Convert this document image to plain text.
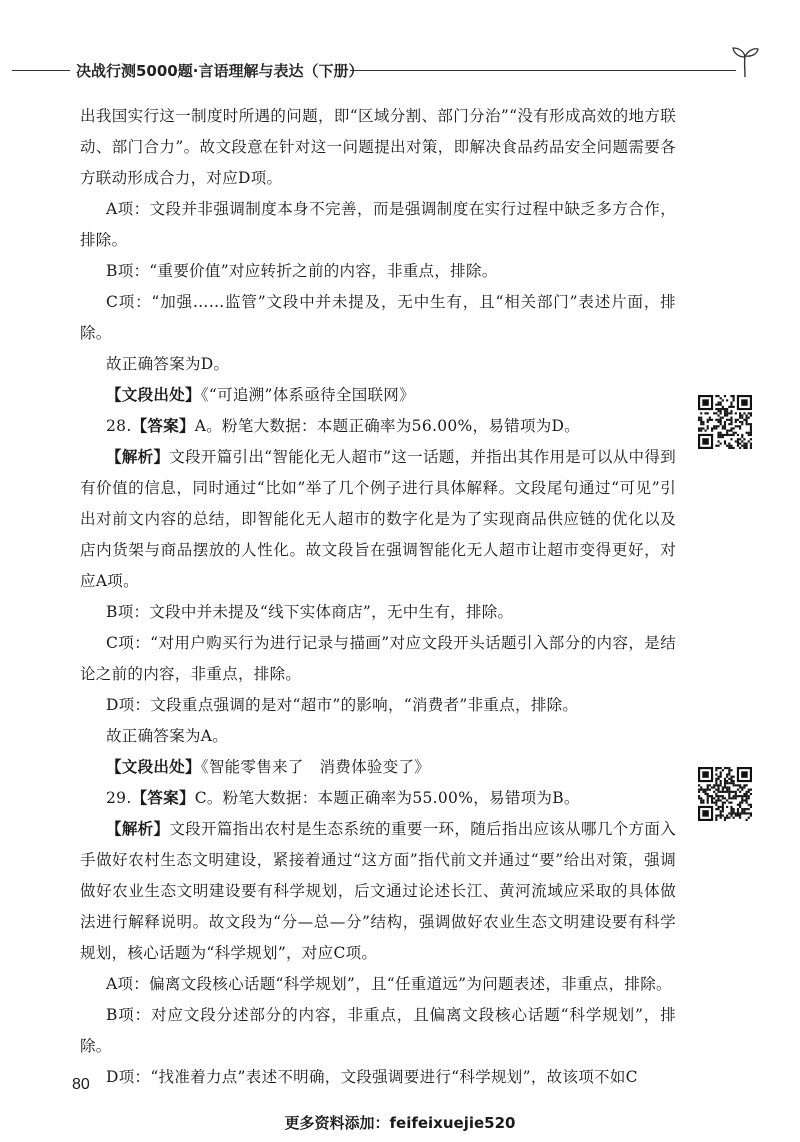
决战行测5000题·言语理解与表达（下册）

出我国实行这一制度时所遇的问题，即“区域分割、部门分治”“没有形成高效的地方联动、部门合力”。故文段意在针对这一问题提出对策，即解决食品药品安全问题需要各方联动形成合力，对应D项。

A项：文段并非强调制度本身不完善，而是强调制度在实行过程中缺乏多方合作，排除。

B项：“重要价值”对应转折之前的内容，非重点，排除。

C项：“加强……监管”文段中并未提及，无中生有，且“相关部门”表述片面，排除。

故正确答案为D。

【文段出处】《“可追溯”体系亟待全国联网》

28.【答案】A。粉笔大数据：本题正确率为56.00%，易错项为D。

【解析】文段开篇引出“智能化无人超市”这一话题，并指出其作用是可以从中得到有价值的信息，同时通过“比如”举了几个例子进行具体解释。文段尾句通过“可见”引出对前文内容的总结，即智能化无人超市的数字化是为了实现商品供应链的优化以及店内货架与商品摆放的人性化。故文段旨在强调智能化无人超市让超市变得更好，对应A项。

B项：文段中并未提及“线下实体商店”，无中生有，排除。

C项：“对用户购买行为进行记录与描画”对应文段开头话题引入部分的内容，是结论之前的内容，非重点，排除。

D项：文段重点强调的是对“超市”的影响，“消费者”非重点，排除。

故正确答案为A。

【文段出处】《智能零售来了　消费体验变了》

29.【答案】C。粉笔大数据：本题正确率为55.00%，易错项为B。

【解析】文段开篇指出农村是生态系统的重要一环，随后指出应该从哪几个方面入手做好农村生态文明建设，紧接着通过“这方面”指代前文并通过“要”给出对策，强调做好农业生态文明建设要有科学规划，后文通过论述长江、黄河流域应采取的具体做法进行解释说明。故文段为“分—总—分”结构，强调做好农业生态文明建设要有科学规划，核心话题为“科学规划”，对应C项。

A项：偏离文段核心话题“科学规划”，且“任重道远”为问题表述，非重点，排除。

B项：对应文段分述部分的内容，非重点，且偏离文段核心话题“科学规划”，排除。

D项：“找准着力点”表述不明确，文段强调要进行“科学规划”，故该项不如C

80
更多资料添加：feifeixuejie520
